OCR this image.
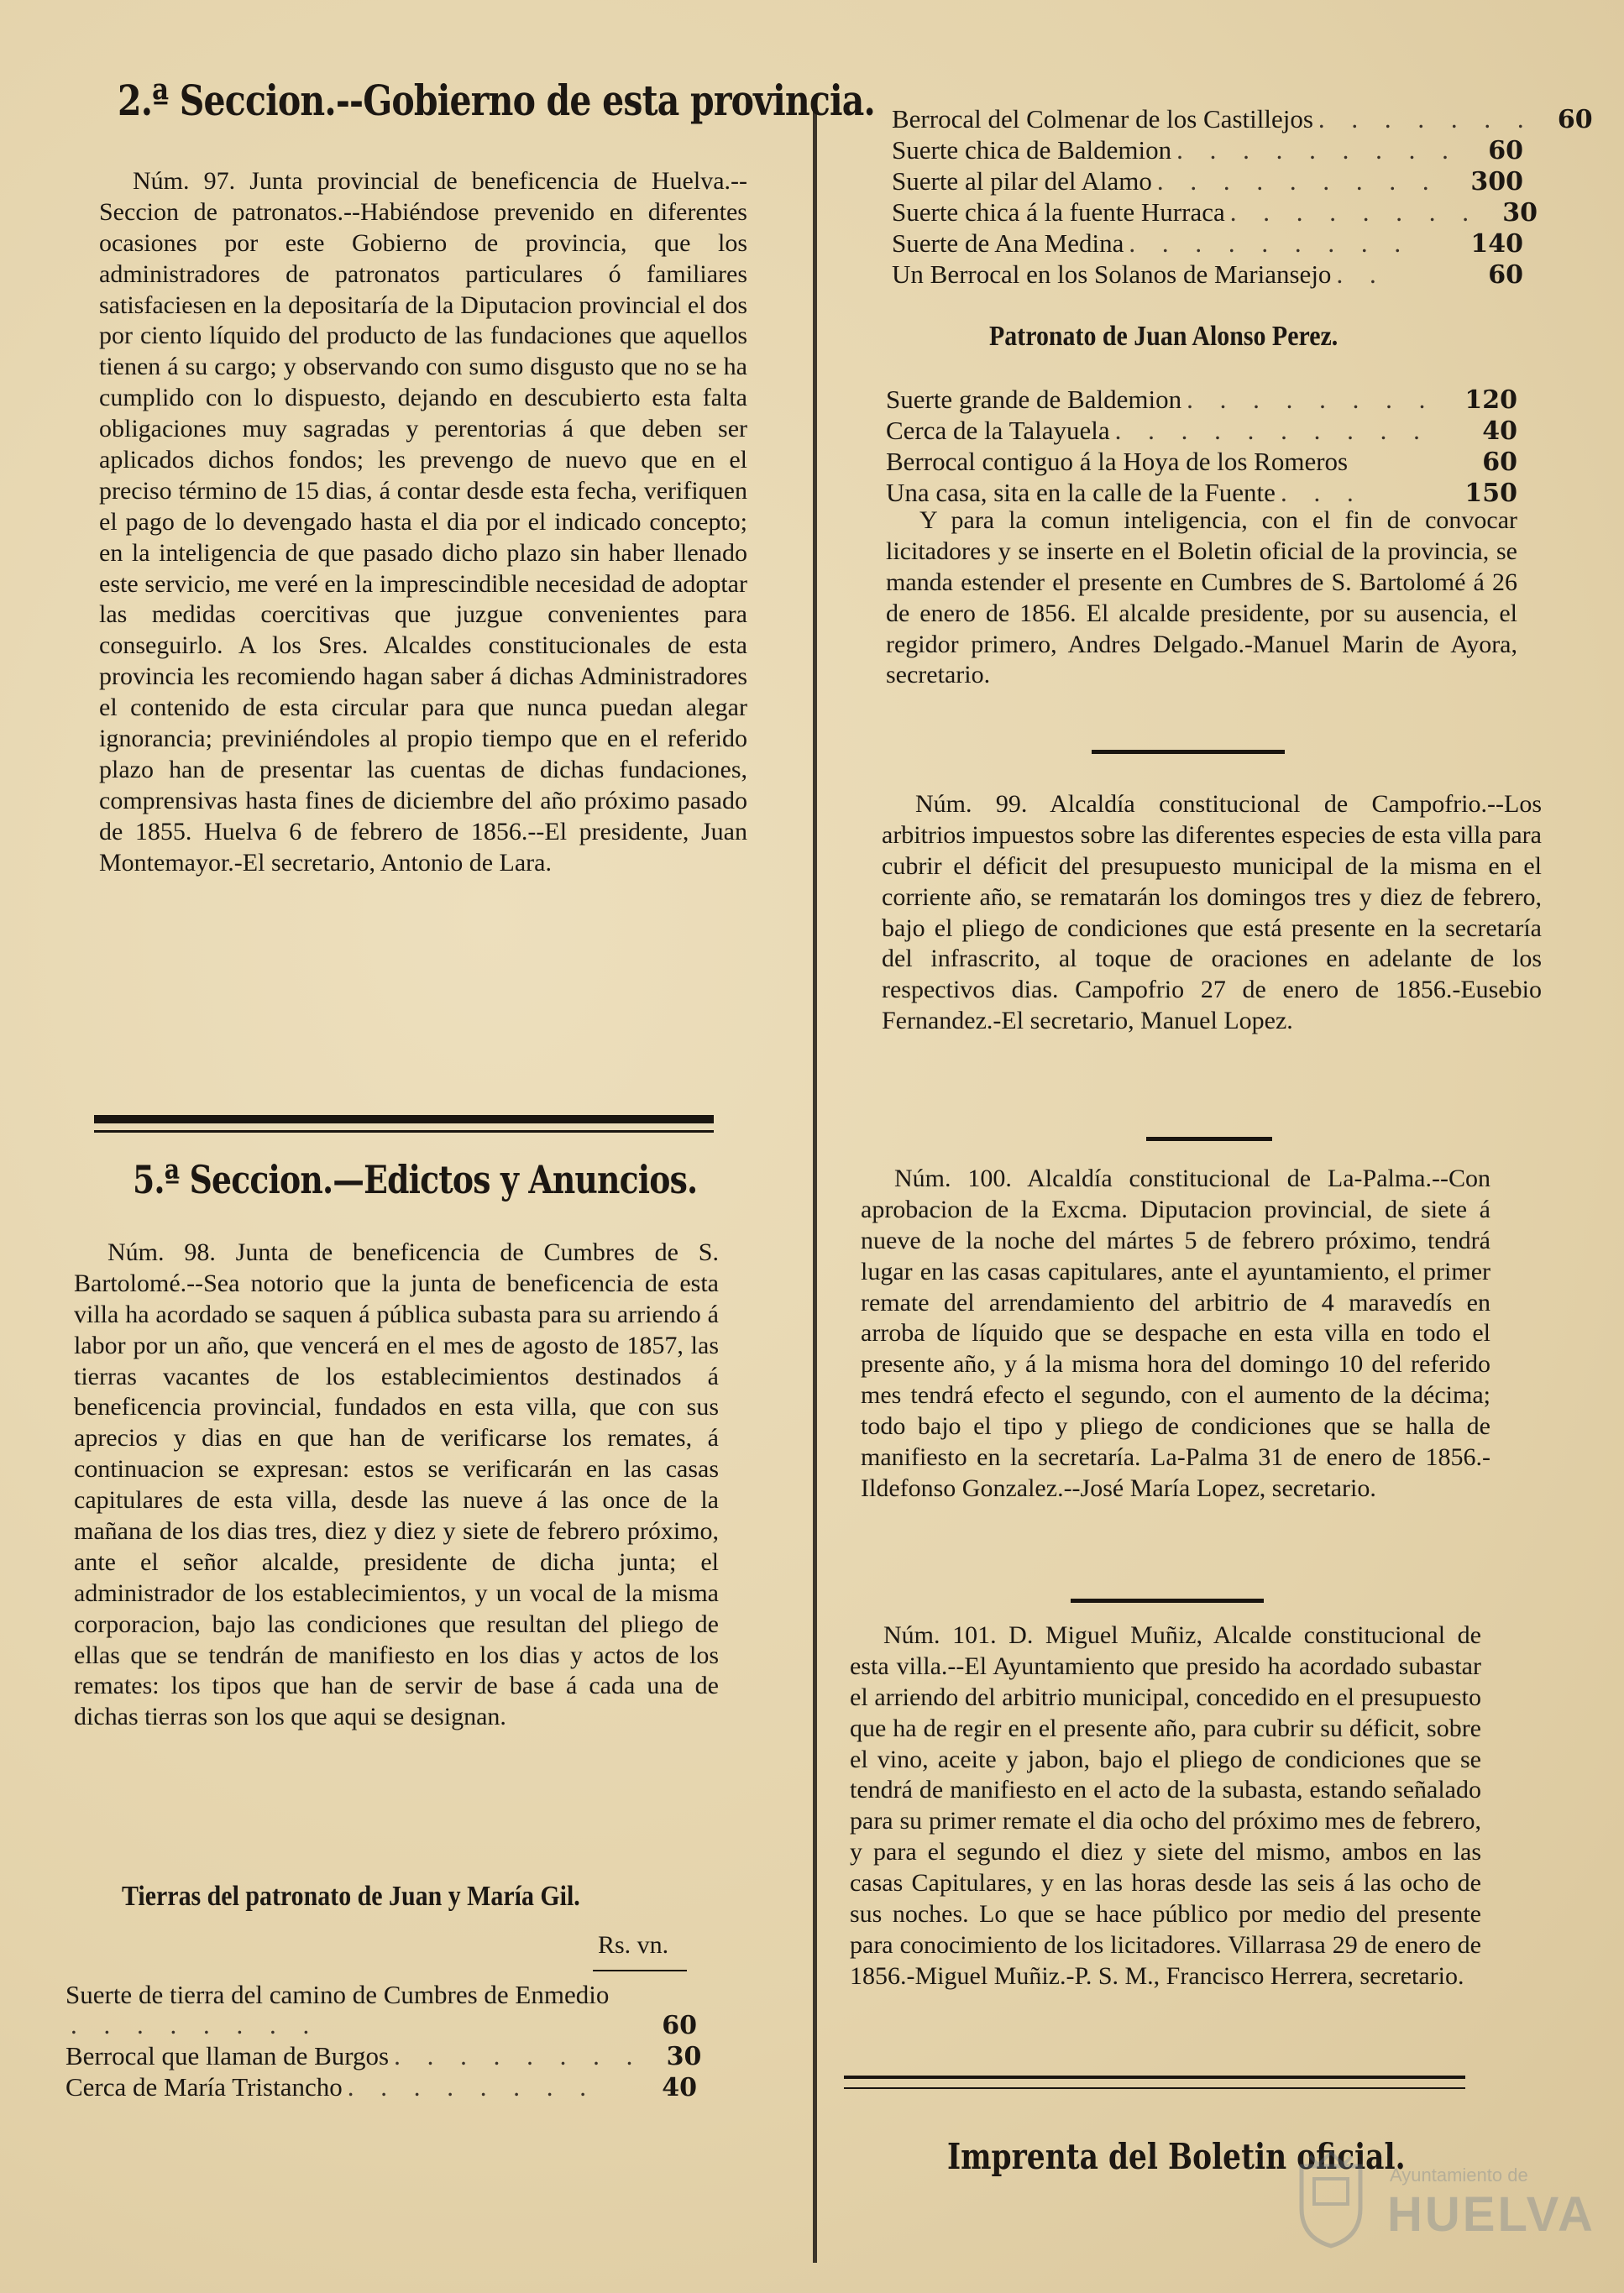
2.ª Seccion.--Gobierno de esta provincia.
Núm. 97. Junta provincial de beneficencia de Huelva.--Seccion de patronatos.--Habiéndose prevenido en diferentes ocasiones por este Gobierno de provincia, que los administradores de patronatos particulares ó familiares satisfaciesen en la depositaría de la Diputacion provincial el dos por ciento líquido del producto de las fundaciones que aquellos tienen á su cargo; y observando con sumo disgusto que no se ha cumplido con lo dispuesto, dejando en descubierto esta falta obligaciones muy sagradas y perentorias á que deben ser aplicados dichos fondos; les prevengo de nuevo que en el preciso término de 15 dias, á contar desde esta fecha, verifiquen el pago de lo devengado hasta el dia por el indicado concepto; en la inteligencia de que pasado dicho plazo sin haber llenado este servicio, me veré en la imprescindible necesidad de adoptar las medidas coercitivas que juzgue convenientes para conseguirlo. A los Sres. Alcaldes constitucionales de esta provincia les recomiendo hagan saber á dichas Administradores el contenido de esta circular para que nunca puedan alegar ignorancia; previniéndoles al propio tiempo que en el referido plazo han de presentar las cuentas de dichas fundaciones, comprensivas hasta fines de diciembre del año próximo pasado de 1855. Huelva 6 de febrero de 1856.--El presidente, Juan Montemayor.-El secretario, Antonio de Lara.
5.ª Seccion.—Edictos y Anuncios.
Núm. 98. Junta de beneficencia de Cumbres de S. Bartolomé.--Sea notorio que la junta de beneficencia de esta villa ha acordado se saquen á pública subasta para su arriendo á labor por un año, que vencerá en el mes de agosto de 1857, las tierras vacantes de los establecimientos destinados á beneficencia provincial, fundados en esta villa, que con sus aprecios y dias en que han de verificarse los remates, á continuacion se expresan: estos se verificarán en las casas capitulares de esta villa, desde las nueve á las once de la mañana de los dias tres, diez y diez y siete de febrero próximo, ante el señor alcalde, presidente de dicha junta; el administrador de los establecimientos, y un vocal de la misma corporacion, bajo las condiciones que resultan del pliego de ellas que se tendrán de manifiesto en los dias y actos de los remates: los tipos que han de servir de base á cada una de dichas tierras son los que aqui se designan.
Tierras del patronato de Juan y María Gil.
Rs. vn.
Suerte de tierra del camino de Cumbres de Enmedio
. . . . . . . .	60
Berrocal que llaman de Burgos . . . . . . . . 30
Cerca de María Tristancho . . . . . . . .	40
Berrocal del Colmenar de los Castillejos . . . . . . . 60
Suerte chica de Baldemion . . . . . . . . .	60
Suerte al pilar del Alamo . . . . . . . . .	300
Suerte chica á la fuente Hurraca . . . . . . . . 30
Suerte de Ana Medina . . . . . . . . .	140
Un Berrocal en los Solanos de Mariansejo . .	60
Patronato de Juan Alonso Perez.
Suerte grande de Baldemion . . . . . . . .	120
Cerca de la Talayuela . . . . . . . . . .	40
Berrocal contiguo á la Hoya de los Romeros	60
Una casa, sita en la calle de la Fuente . . .	150
Y para la comun inteligencia, con el fin de convocar licitadores y se inserte en el Boletin oficial de la provincia, se manda estender el presente en Cumbres de S. Bartolomé á 26 de enero de 1856. El alcalde presidente, por su ausencia, el regidor primero, Andres Delgado.-Manuel Marin de Ayora, secretario.
Núm. 99. Alcaldía constitucional de Campofrio.--Los arbitrios impuestos sobre las diferentes especies de esta villa para cubrir el déficit del presupuesto municipal de la misma en el corriente año, se rematarán los domingos tres y diez de febrero, bajo el pliego de condiciones que está presente en la secretaría del infrascrito, al toque de oraciones en adelante de los respectivos dias. Campofrio 27 de enero de 1856.-Eusebio Fernandez.-El secretario, Manuel Lopez.
Núm. 100. Alcaldía constitucional de La-Palma.--Con aprobacion de la Excma. Diputacion provincial, de siete á nueve de la noche del mártes 5 de febrero próximo, tendrá lugar en las casas capitulares, ante el ayuntamiento, el primer remate del arrendamiento del arbitrio de 4 maravedís en arroba de líquido que se despache en esta villa en todo el presente año, y á la misma hora del domingo 10 del referido mes tendrá efecto el segundo, con el aumento de la décima; todo bajo el tipo y pliego de condiciones que se halla de manifiesto en la secretaría. La-Palma 31 de enero de 1856.-Ildefonso Gonzalez.--José María Lopez, secretario.
Núm. 101. D. Miguel Muñiz, Alcalde constitucional de esta villa.--El Ayuntamiento que presido ha acordado subastar el arriendo del arbitrio municipal, concedido en el presupuesto que ha de regir en el presente año, para cubrir su déficit, sobre el vino, aceite y jabon, bajo el pliego de condiciones que se tendrá de manifiesto en el acto de la subasta, estando señalado para su primer remate el dia ocho del próximo mes de febrero, y para el segundo el diez y siete del mismo, ambos en las casas Capitulares, y en las horas desde las seis á las ocho de sus noches. Lo que se hace público por medio del presente para conocimiento de los licitadores. Villarrasa 29 de enero de 1856.-Miguel Muñiz.-P. S. M., Francisco Herrera, secretario.
Imprenta del Boletin oficial.
Ayuntamiento de
HUELVA
